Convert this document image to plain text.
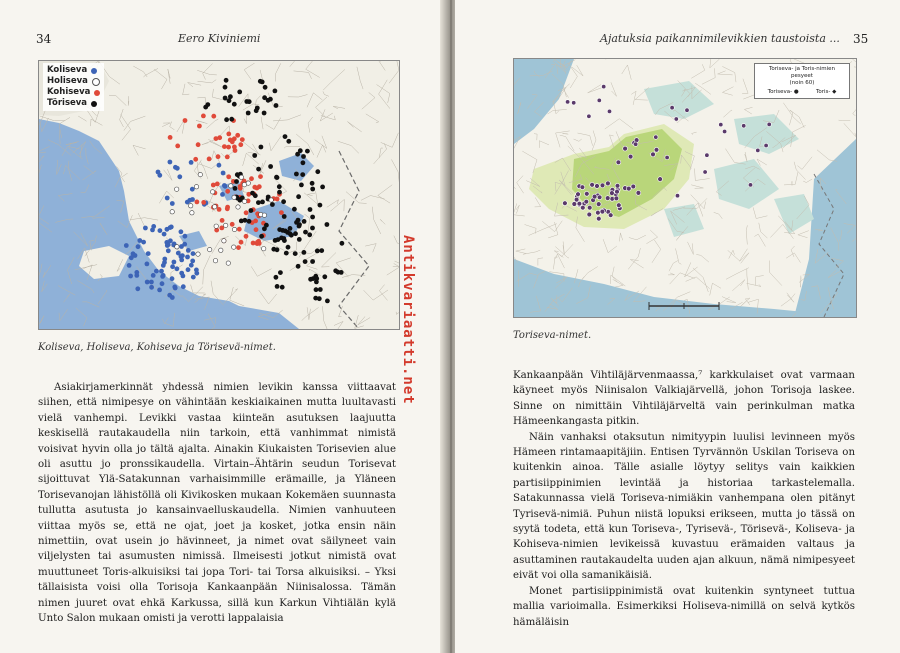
34	Eero Kiviniemi
Koliseva
Holiseva
Kohiseva
Töriseva
Koliseva, Holiseva, Kohiseva ja Törisevä-nimet.

Asiakirjamerkinnät yhdessä nimien levikin kanssa viittaavat siihen, että nimipesye on vähintään keskiaikainen mutta luultavasti vielä vanhempi. Levikki vastaa kiinteän asutuksen laajuutta keskisellä rautakaudella niin tarkoin, että vanhimmat nimistä voisivat hyvin olla jo tältä ajalta. Ainakin Kiukaisten Torisevien alue oli asuttu jo pronssikaudella. Virtain–Ähtärin seudun Torisevat sijoittuvat Ylä-Satakunnan varhaisimmille erämaille, ja Yläneen Torisevanojan lähistöllä oli Kivikosken mukaan Kokemäen suunnasta tullutta asutusta jo kansainvaelluskaudella. Nimien vanhuuteen viittaa myös se, että ne ojat, joet ja kosket, jotka ensin näin nimettiin, ovat usein jo hävinneet, ja nimet ovat säilyneet vain viljelysten tai asumusten nimissä. Ilmeisesti jotkut nimistä ovat muuttuneet Toris-alkuisiksi tai jopa Tori- tai Torsa alkuisiksi. – Yksi tällaisista voisi olla Torisoja Kankaanpään Niinisalossa. Tämän nimen juuret ovat ehkä Karkussa, sillä kun Karkun Vihtiälän kylä Unto Salon mukaan omisti ja verotti lappalaisia

Antikvariaatti.net
Ajatuksia paikannimilevikkien taustoista ... 35
Toriseva- ja Toris-nimien pesyeet
(noin 60)
Toriseva- ●	Toris- ◆
Toriseva-nimet.

Kankaanpään Vihtiläjärvenmaassa,⁷ karkkulaiset ovat varmaan käyneet myös Niinisalon Valkiajärvellä, johon Torisoja laskee. Sinne on nimittäin Vihtiläjärveltä vain perinkulman matka Hämeenkangasta pitkin.

Näin vanhaksi otaksutun nimityypin luulisi levinneen myös Hämeen rintamaapitäjiin. Entisen Tyrvännön Uskilan Toriseva on kuitenkin ainoa. Tälle asialle löytyy selitys vain kaikkien partisiippinimien levintää ja historiaa tarkastelemalla. Satakunnassa vielä Toriseva-nimiäkin vanhempana olen pitänyt Tyrisevä-nimiä. Puhun niistä lopuksi erikseen, mutta jo tässä on syytä todeta, että kun Toriseva-, Tyrisevä-, Törisevä-, Koliseva- ja Kohiseva-nimien levikeissä kuvastuu erämaiden valtaus ja asuttaminen rautakaudelta uuden ajan alkuun, nämä nimipesyeet eivät voi olla samanikäisiä.

Monet partisiippinimistä ovat kuitenkin syntyneet tuttua mallia varioimalla. Esimerkiksi Holiseva-nimillä on selvä kytkös hämäläisin
